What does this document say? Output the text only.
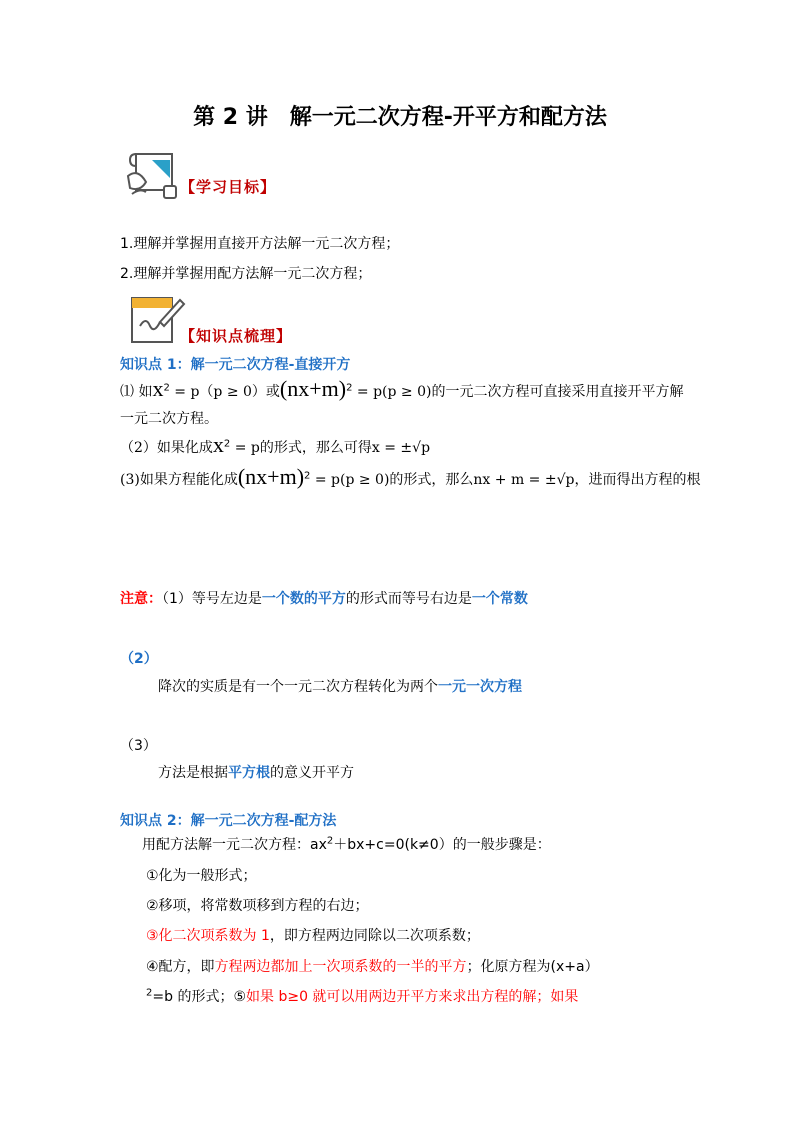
第 2 讲　解一元二次方程-开平方和配方法
【学习目标】
1.理解并掌握用直接开方法解一元二次方程；
2.理解并掌握用配方法解一元二次方程；
【知识点梳理】
知识点 1：解一元二次方程-直接开方
⑴ 如$x^2 = p(p \ge 0)$或$(nx+m)^2 = p(p \ge 0)$的一元二次方程可直接采用直接开平方解
一元二次方程。
（2）如果化成$x^2 = p$的形式，那么可得x = ±√p
(3)如果方程能化成$(nx+m)^2 = p(p \ge 0)$的形式，那么nx + m = ±√p，进而得出方程的根
注意：（1）等号左边是一个数的平方的形式而等号右边是一个常数
（2）
降次的实质是有一个一元二次方程转化为两个一元一次方程
（3）
方法是根据平方根的意义开平方
知识点 2：解一元二次方程-配方法
用配方法解一元二次方程：$ax^2+bx+c=0(k\ne 0)$的一般步骤是：
①化为一般形式；
②移项，将常数项移到方程的右边；
③化二次项系数为 1，即方程两边同除以二次项系数；
④配方，即方程两边都加上一次项系数的一半的平方；化原方程为(x+a）
$^2$=b 的形式；⑤如果 b≥0 就可以用两边开平方来求出方程的解；如果
